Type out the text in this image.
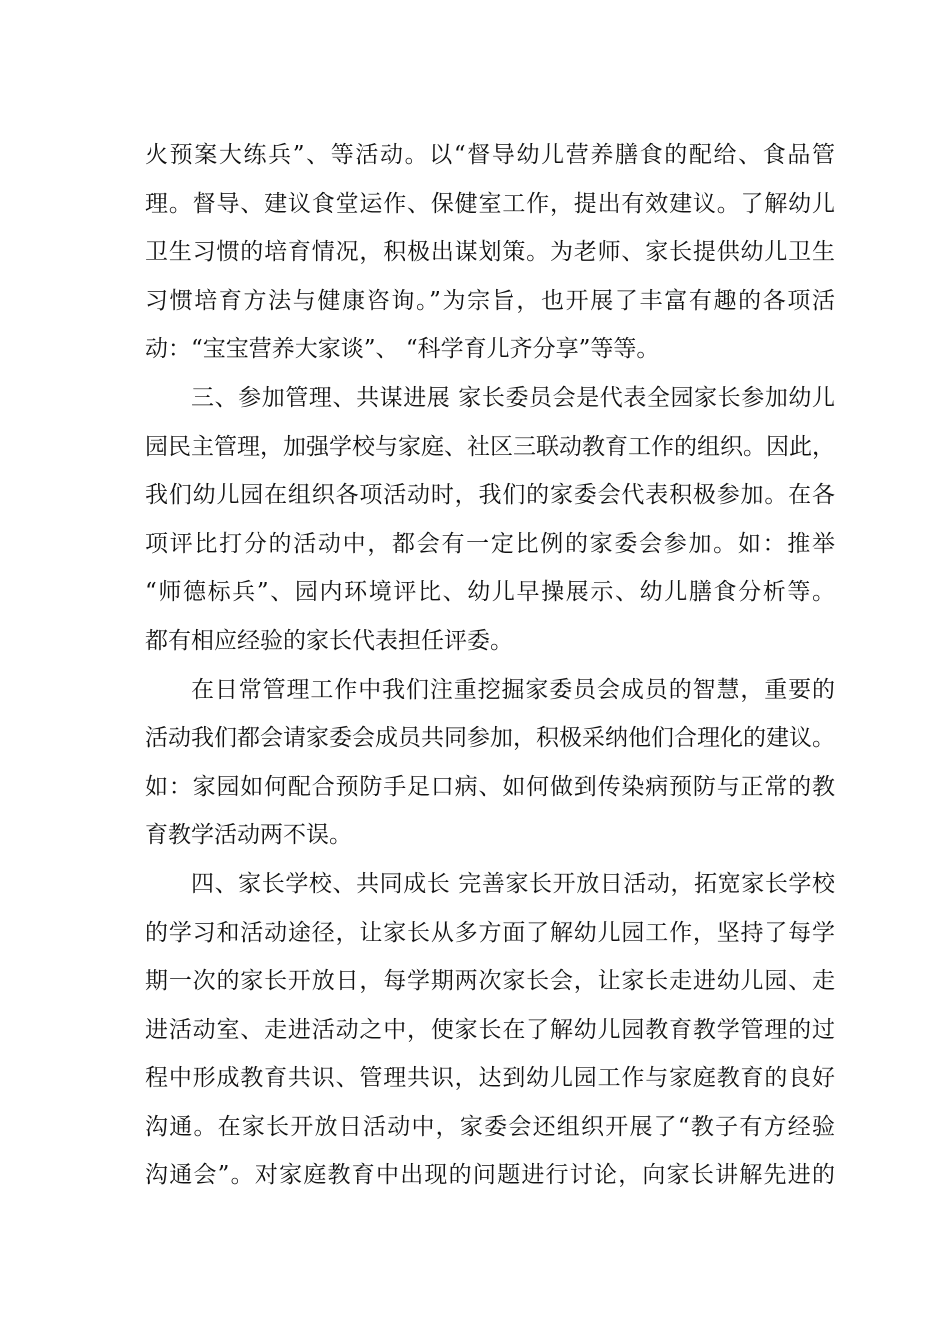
火预案大练兵”、等活动。以“督导幼儿营养膳食的配给、食品管
理。督导、建议食堂运作、保健室工作，提出有效建议。了解幼儿
卫生习惯的培育情况，积极出谋划策。为老师、家长提供幼儿卫生
习惯培育方法与健康咨询。”为宗旨，也开展了丰富有趣的各项活
动：“宝宝营养大家谈”、 “科学育儿齐分享”等等。
三、参加管理、共谋进展 家长委员会是代表全园家长参加幼儿
园民主管理，加强学校与家庭、社区三联动教育工作的组织。因此，
我们幼儿园在组织各项活动时，我们的家委会代表积极参加。在各
项评比打分的活动中，都会有一定比例的家委会参加。如：推举
“师德标兵”、园内环境评比、幼儿早操展示、幼儿膳食分析等。
都有相应经验的家长代表担任评委。
在日常管理工作中我们注重挖掘家委员会成员的智慧，重要的
活动我们都会请家委会成员共同参加，积极采纳他们合理化的建议。
如：家园如何配合预防手足口病、如何做到传染病预防与正常的教
育教学活动两不误。
四、家长学校、共同成长 完善家长开放日活动，拓宽家长学校
的学习和活动途径，让家长从多方面了解幼儿园工作，坚持了每学
期一次的家长开放日，每学期两次家长会，让家长走进幼儿园、走
进活动室、走进活动之中，使家长在了解幼儿园教育教学管理的过
程中形成教育共识、管理共识，达到幼儿园工作与家庭教育的良好
沟通。在家长开放日活动中，家委会还组织开展了“教子有方经验
沟通会”。对家庭教育中出现的问题进行讨论，向家长讲解先进的
